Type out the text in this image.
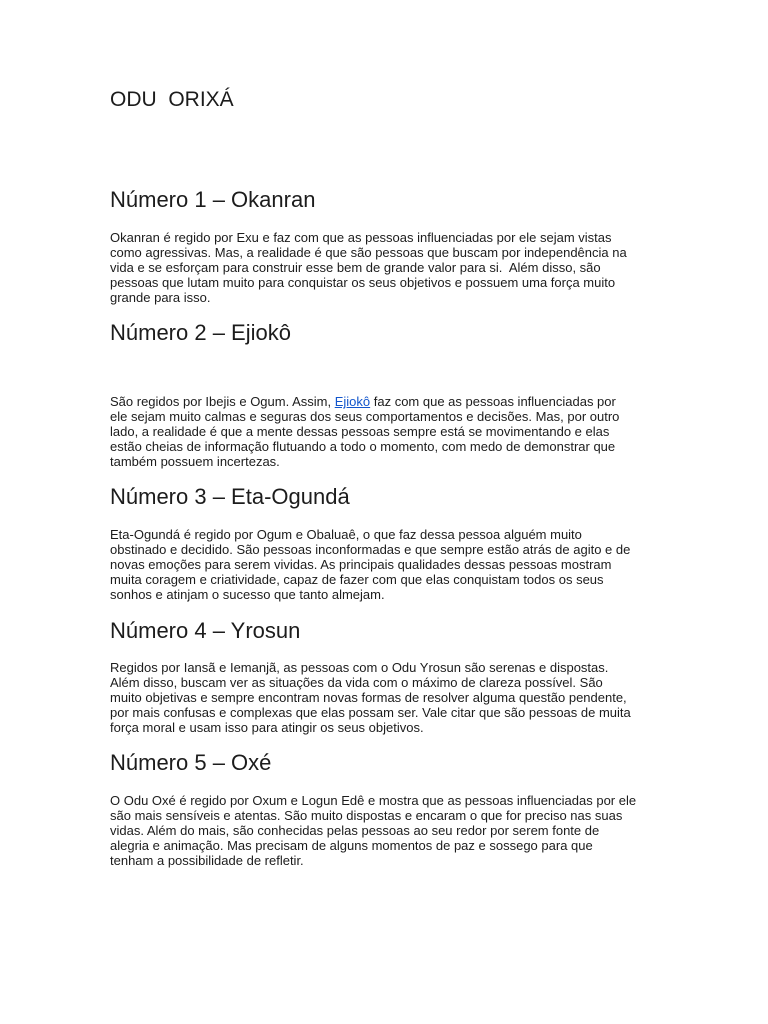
ODU  ORIXÁ
Número 1 – Okanran
Okanran é regido por Exu e faz com que as pessoas influenciadas por ele sejam vistas
como agressivas. Mas, a realidade é que são pessoas que buscam por independência na
vida e se esforçam para construir esse bem de grande valor para si.  Além disso, são
pessoas que lutam muito para conquistar os seus objetivos e possuem uma força muito
grande para isso.
Número 2 – Ejiokô
São regidos por Ibejis e Ogum. Assim, Ejiokô faz com que as pessoas influenciadas por
ele sejam muito calmas e seguras dos seus comportamentos e decisões. Mas, por outro
lado, a realidade é que a mente dessas pessoas sempre está se movimentando e elas
estão cheias de informação flutuando a todo o momento, com medo de demonstrar que
também possuem incertezas.
Número 3 – Eta-Ogundá
Eta-Ogundá é regido por Ogum e Obaluaê, o que faz dessa pessoa alguém muito
obstinado e decidido. São pessoas inconformadas e que sempre estão atrás de agito e de
novas emoções para serem vividas. As principais qualidades dessas pessoas mostram
muita coragem e criatividade, capaz de fazer com que elas conquistam todos os seus
sonhos e atinjam o sucesso que tanto almejam.
Número 4 – Yrosun
Regidos por Iansã e Iemanjã, as pessoas com o Odu Yrosun são serenas e dispostas.
Além disso, buscam ver as situações da vida com o máximo de clareza possível. São
muito objetivas e sempre encontram novas formas de resolver alguma questão pendente,
por mais confusas e complexas que elas possam ser. Vale citar que são pessoas de muita
força moral e usam isso para atingir os seus objetivos.
Número 5 – Oxé
O Odu Oxé é regido por Oxum e Logun Edê e mostra que as pessoas influenciadas por ele
são mais sensíveis e atentas. São muito dispostas e encaram o que for preciso nas suas
vidas. Além do mais, são conhecidas pelas pessoas ao seu redor por serem fonte de
alegria e animação. Mas precisam de alguns momentos de paz e sossego para que
tenham a possibilidade de refletir.
